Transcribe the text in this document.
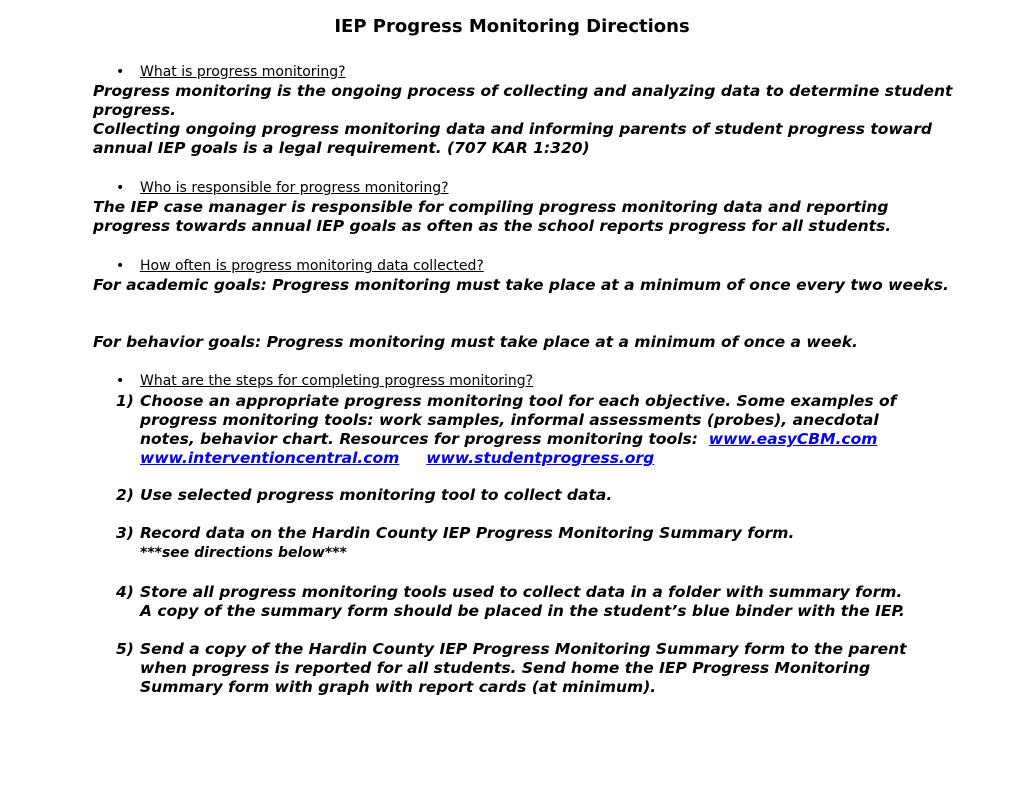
IEP Progress Monitoring Directions
• What is progress monitoring?
Progress monitoring is the ongoing process of collecting and analyzing data to determine student progress.
Collecting ongoing progress monitoring data and informing parents of student progress toward annual IEP goals is a legal requirement. (707 KAR 1:320)
• Who is responsible for progress monitoring?
The IEP case manager is responsible for compiling progress monitoring data and reporting progress towards annual IEP goals as often as the school reports progress for all students.
• How often is progress monitoring data collected?
For academic goals: Progress monitoring must take place at a minimum of once every two weeks.
For behavior goals: Progress monitoring must take place at a minimum of once a week.
• What are the steps for completing progress monitoring?
1) Choose an appropriate progress monitoring tool for each objective. Some examples of progress monitoring tools: work samples, informal assessments (probes), anecdotal notes, behavior chart. Resources for progress monitoring tools: www.easyCBM.com
www.interventioncentral.com www.studentprogress.org
2) Use selected progress monitoring tool to collect data.
3) Record data on the Hardin County IEP Progress Monitoring Summary form.
***see directions below***
4) Store all progress monitoring tools used to collect data in a folder with summary form. A copy of the summary form should be placed in the student’s blue binder with the IEP.
5) Send a copy of the Hardin County IEP Progress Monitoring Summary form to the parent when progress is reported for all students. Send home the IEP Progress Monitoring Summary form with graph with report cards (at minimum).
